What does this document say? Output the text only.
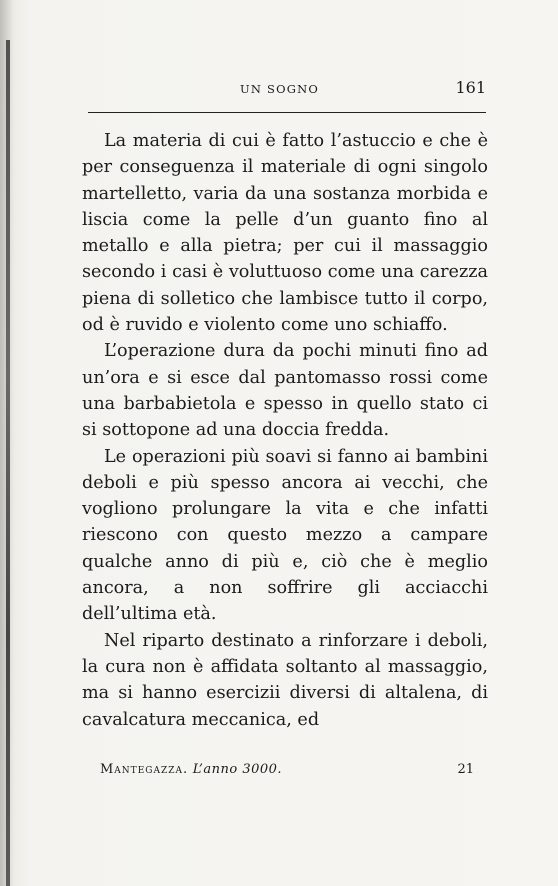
UN SOGNO	161

La materia di cui è fatto l’astuccio e che è per conseguenza il materiale di ogni singolo martelletto, varia da una sostanza morbida e liscia come la pelle d’un guanto fino al metallo e alla pietra; per cui il massaggio secondo i casi è voluttuoso come una carezza piena di solletico che lambisce tutto il corpo, od è ruvido e violento come uno schiaffo.

L’operazione dura da pochi minuti fino ad un’ora e si esce dal pantomasso rossi come una barbabietola e spesso in quello stato ci si sottopone ad una doccia fredda.

Le operazioni più soavi si fanno ai bambini deboli e più spesso ancora ai vecchi, che vogliono prolungare la vita e che infatti riescono con questo mezzo a campare qualche anno di più e, ciò che è meglio ancora, a non soffrire gli acciacchi dell’ultima età.

Nel riparto destinato a rinforzare i deboli, la cura non è affidata soltanto al massaggio, ma si hanno esercizii diversi di altalena, di cavalcatura meccanica, ed

Mantegazza. L’anno 3000.	21
